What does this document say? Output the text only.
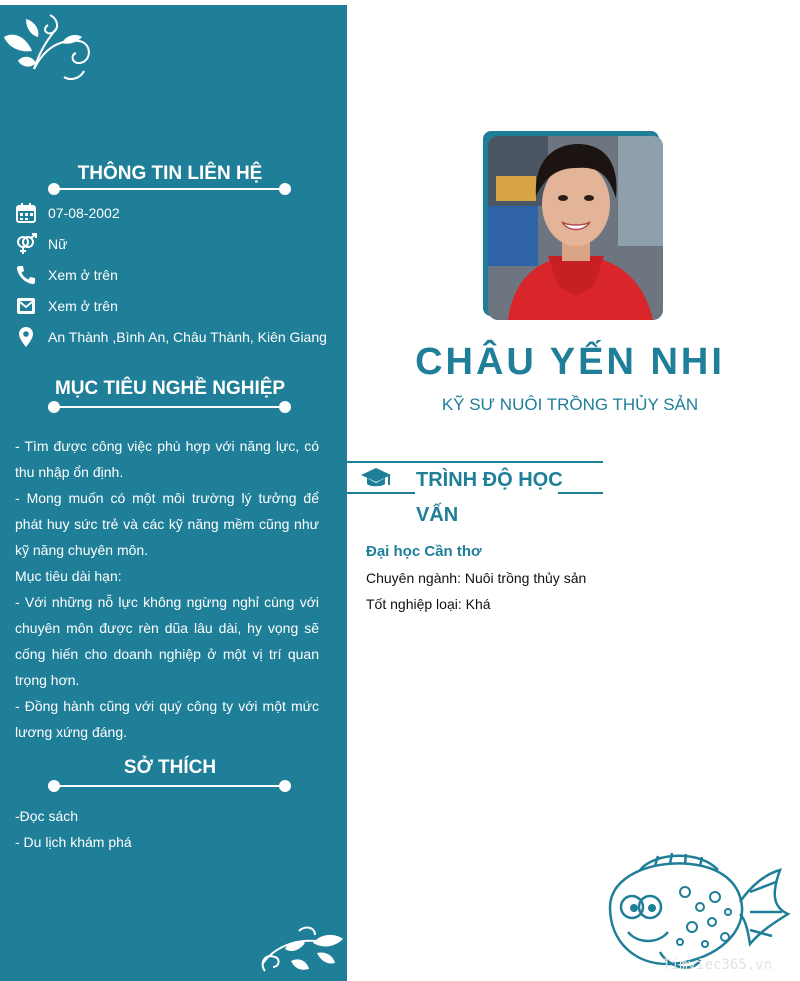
THÔNG TIN LIÊN HỆ
07-08-2002
Nữ
Xem ở trên
Xem ở trên
An Thành ,Bình An, Châu Thành, Kiên Giang
MỤC TIÊU NGHỀ NGHIỆP

- Tìm được công việc phù hợp với năng lực, có thu nhập ổn định.

- Mong muốn có một môi trường lý tưởng để phát huy sức trẻ và các kỹ năng mềm cũng như kỹ năng chuyên môn.

Mục tiêu dài hạn:

- Với những nỗ lực không ngừng nghỉ cùng với chuyên môn được rèn dũa lâu dài, hy vọng sẽ cống hiến cho doanh nghiệp ở một vị trí quan trọng hơn.

- Đồng hành cũng với quý công ty với một mức lương xứng đáng.

SỞ THÍCH
-Đọc sách
- Du lịch khám phá
CHÂU YẾN NHI
KỸ SƯ NUÔI TRỒNG THỦY SẢN
TRÌNH ĐỘ HỌC VẤN
Đại học Cần thơ
Chuyên ngành: Nuôi trồng thủy sản
Tốt nghiệp loại: Khá
Timviec365.vn
